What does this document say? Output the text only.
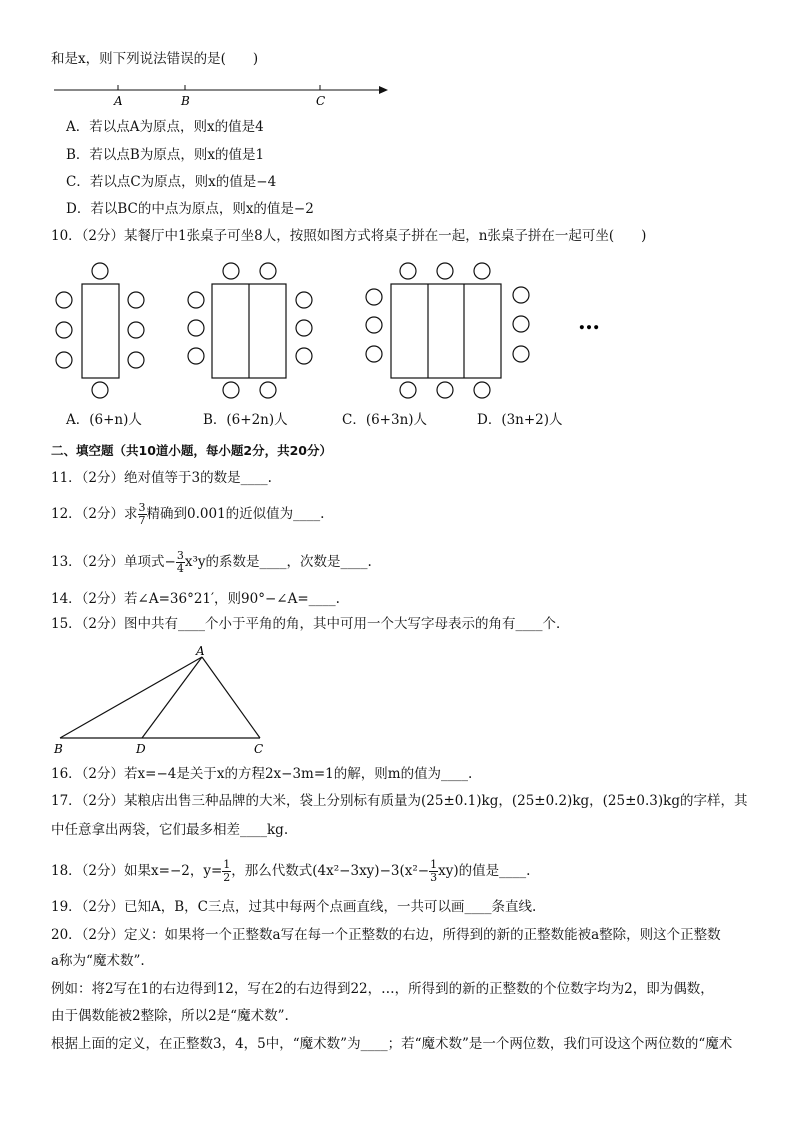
和是x，则下列说法错误的是(　　)
A	B	C
A．若以点A为原点，则x的值是4
B．若以点B为原点，则x的值是1
C．若以点C为原点，则x的值是−4
D．若以BC的中点为原点，则x的值是−2
10．（2分）某餐厅中1张桌子可坐8人，按照如图方式将桌子拼在一起，n张桌子拼在一起可坐(　　)
…
A．(6+n)人	B．(6+2n)人	C．(6+3n)人	D．(3n+2)人
二、填空题（共10道小题，每小题2分，共20分）
11．（2分）绝对值等于3的数是____.
12．（2分）求 $\frac{3}{7}$ 精确到0.001的近似值为____.
13．（2分）单项式− $\frac{3}{4} x^3y$的系数是____，次数是____.
14．（2分）若∠A=36°21′，则90°−∠A=____.
15．（2分）图中共有____个小于平角的角，其中可用一个大写字母表示的角有____个．
A
B	D	C
16．（2分）若x=−4是关于x的方程2x−3m=1的解，则m的值为____.
17．（2分）某粮店出售三种品牌的大米，袋上分别标有质量为(25±0.1)kg，(25±0.2)kg，(25±0.3)kg的字样，其
中任意拿出两袋，它们最多相差____kg.
18．（2分）如果x=−2，$y= \frac{1}{2}$ ，那么代数式$(4x^2-3xy)-3(x^2- \frac{1}{3} xy)$的值是____.
19．（2分）已知A，B，C三点，过其中每两个点画直线，一共可以画____条直线.
20．（2分）定义：如果将一个正整数a写在每一个正整数的右边，所得到的新的正整数能被a整除，则这个正整数
a称为“魔术数”.
例如：将2写在1的右边得到12，写在2的右边得到22，…，所得到的新的正整数的个位数字均为2，即为偶数，
由于偶数能被2整除，所以2是“魔术数”.
根据上面的定义，在正整数3，4，5中，“魔术数”为____；若“魔术数”是一个两位数，我们可设这个两位数的“魔术
